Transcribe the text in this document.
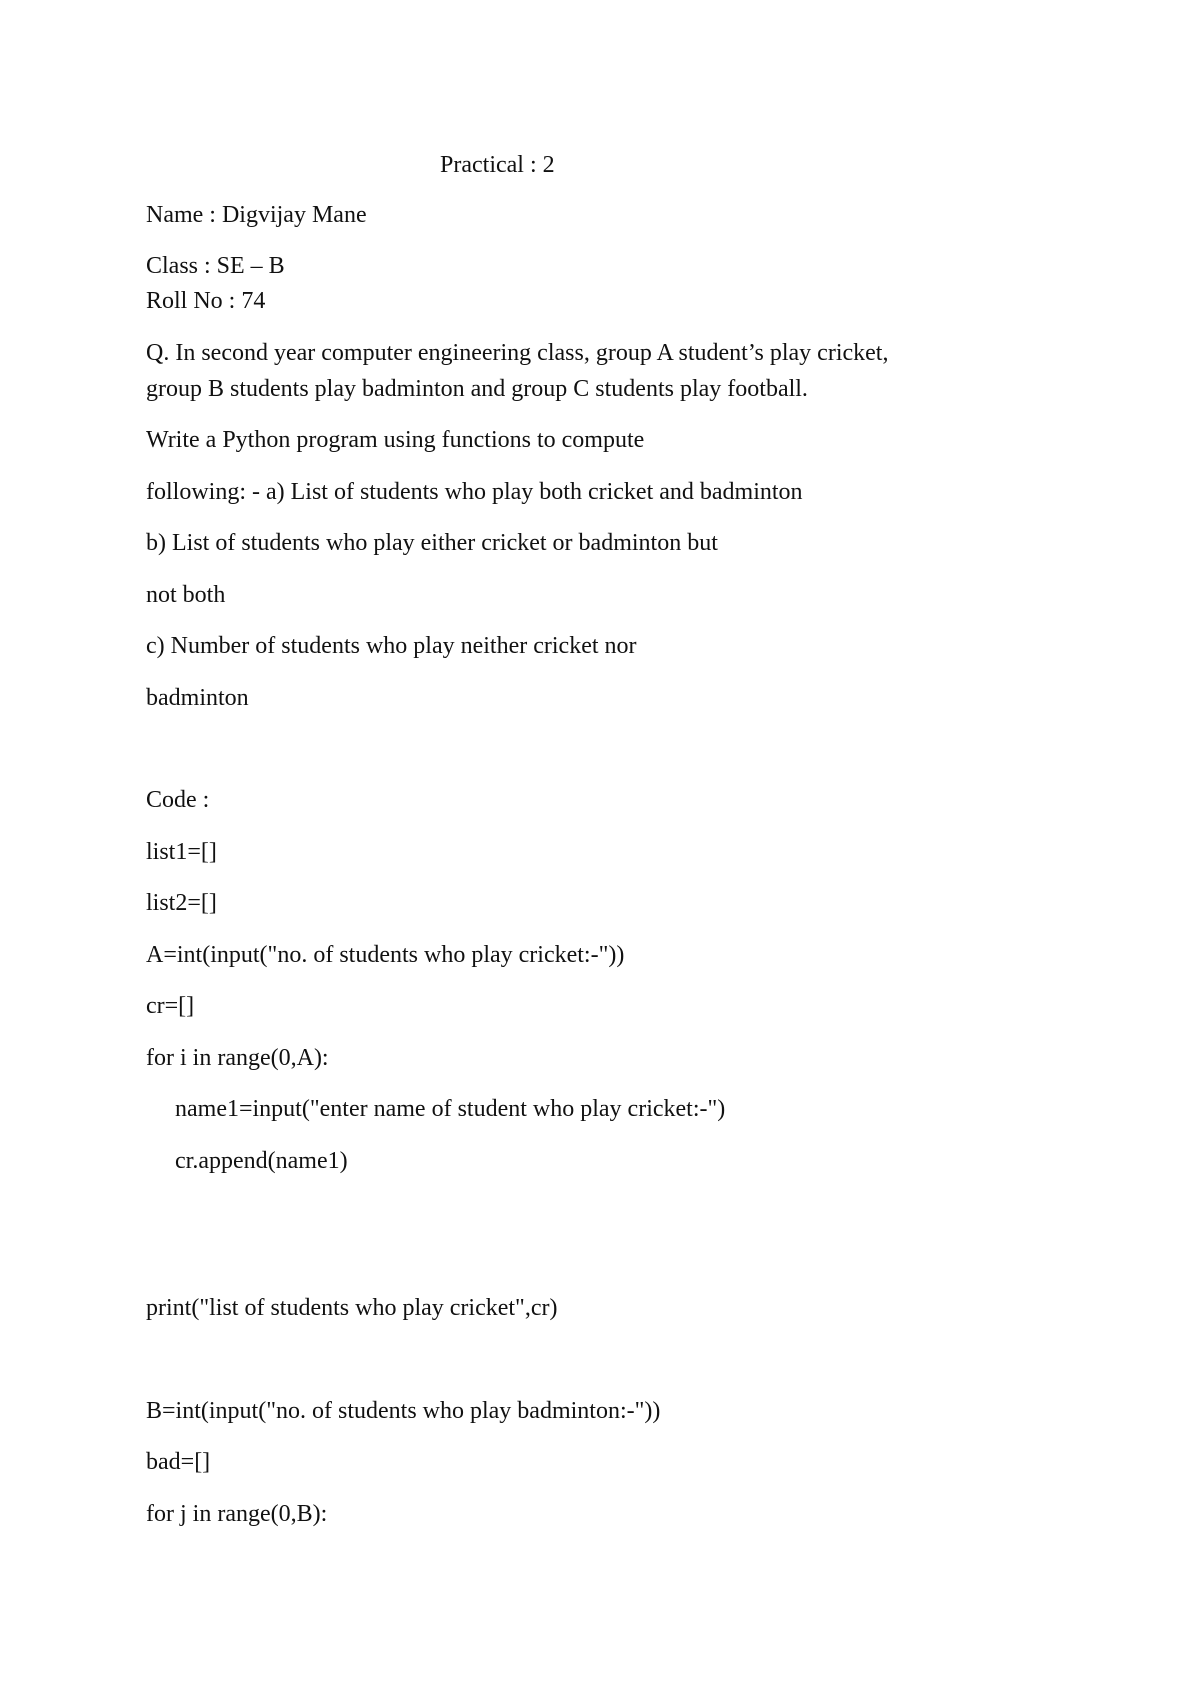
Practical : 2
Name : Digvijay Mane
Class : SE – B
Roll No : 74
Q. In second year computer engineering class, group A student’s play cricket,
group B students play badminton and group C students play football.
Write a Python program using functions to compute
following: - a) List of students who play both cricket and badminton
b) List of students who play either cricket or badminton but
not both
c) Number of students who play neither cricket nor
badminton
Code :
list1=[]
list2=[]
A=int(input("no. of students who play cricket:-"))
cr=[]
for i in range(0,A):
name1=input("enter name of student who play cricket:-")
cr.append(name1)
print("list of students who play cricket",cr)
B=int(input("no. of students who play badminton:-"))
bad=[]
for j in range(0,B):
